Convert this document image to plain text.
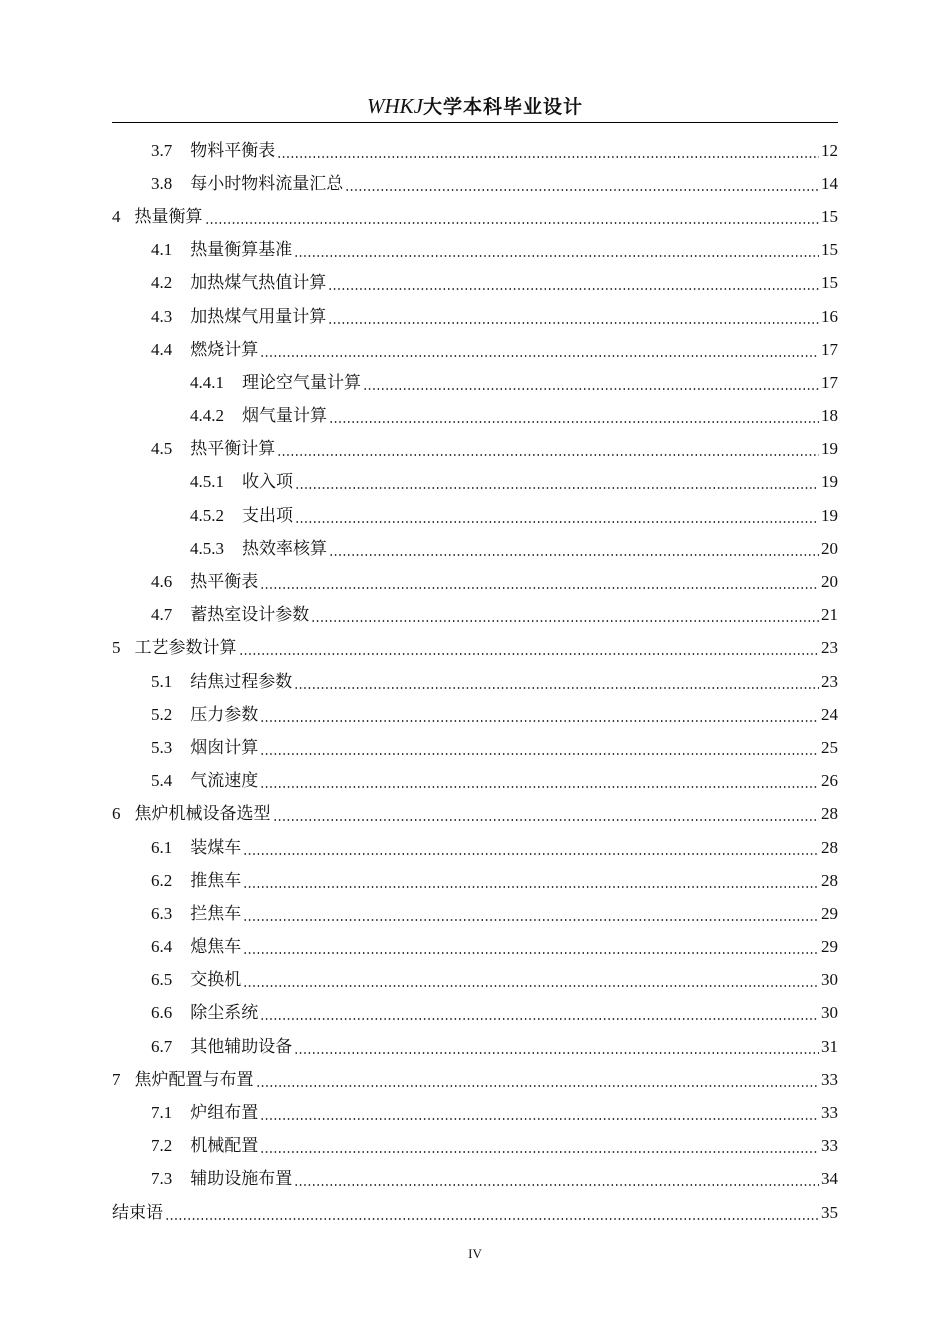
WHKJ大学本科毕业设计
3.7 物料平衡表	12
3.8 每小时物料流量汇总	14
4 热量衡算	15
4.1 热量衡算基准	15
4.2 加热煤气热值计算	15
4.3 加热煤气用量计算	16
4.4 燃烧计算	17
4.4.1 理论空气量计算	17
4.4.2 烟气量计算	18
4.5 热平衡计算	19
4.5.1 收入项	19
4.5.2 支出项	19
4.5.3 热效率核算	20
4.6 热平衡表	20
4.7 蓄热室设计参数	21
5 工艺参数计算	23
5.1 结焦过程参数	23
5.2 压力参数	24
5.3 烟囱计算	25
5.4 气流速度	26
6 焦炉机械设备选型	28
6.1 装煤车	28
6.2 推焦车	28
6.3 拦焦车	29
6.4 熄焦车	29
6.5 交换机	30
6.6 除尘系统	30
6.7 其他辅助设备	31
7 焦炉配置与布置	33
7.1 炉组布置	33
7.2 机械配置	33
7.3 辅助设施布置	34
结束语	35
IV
